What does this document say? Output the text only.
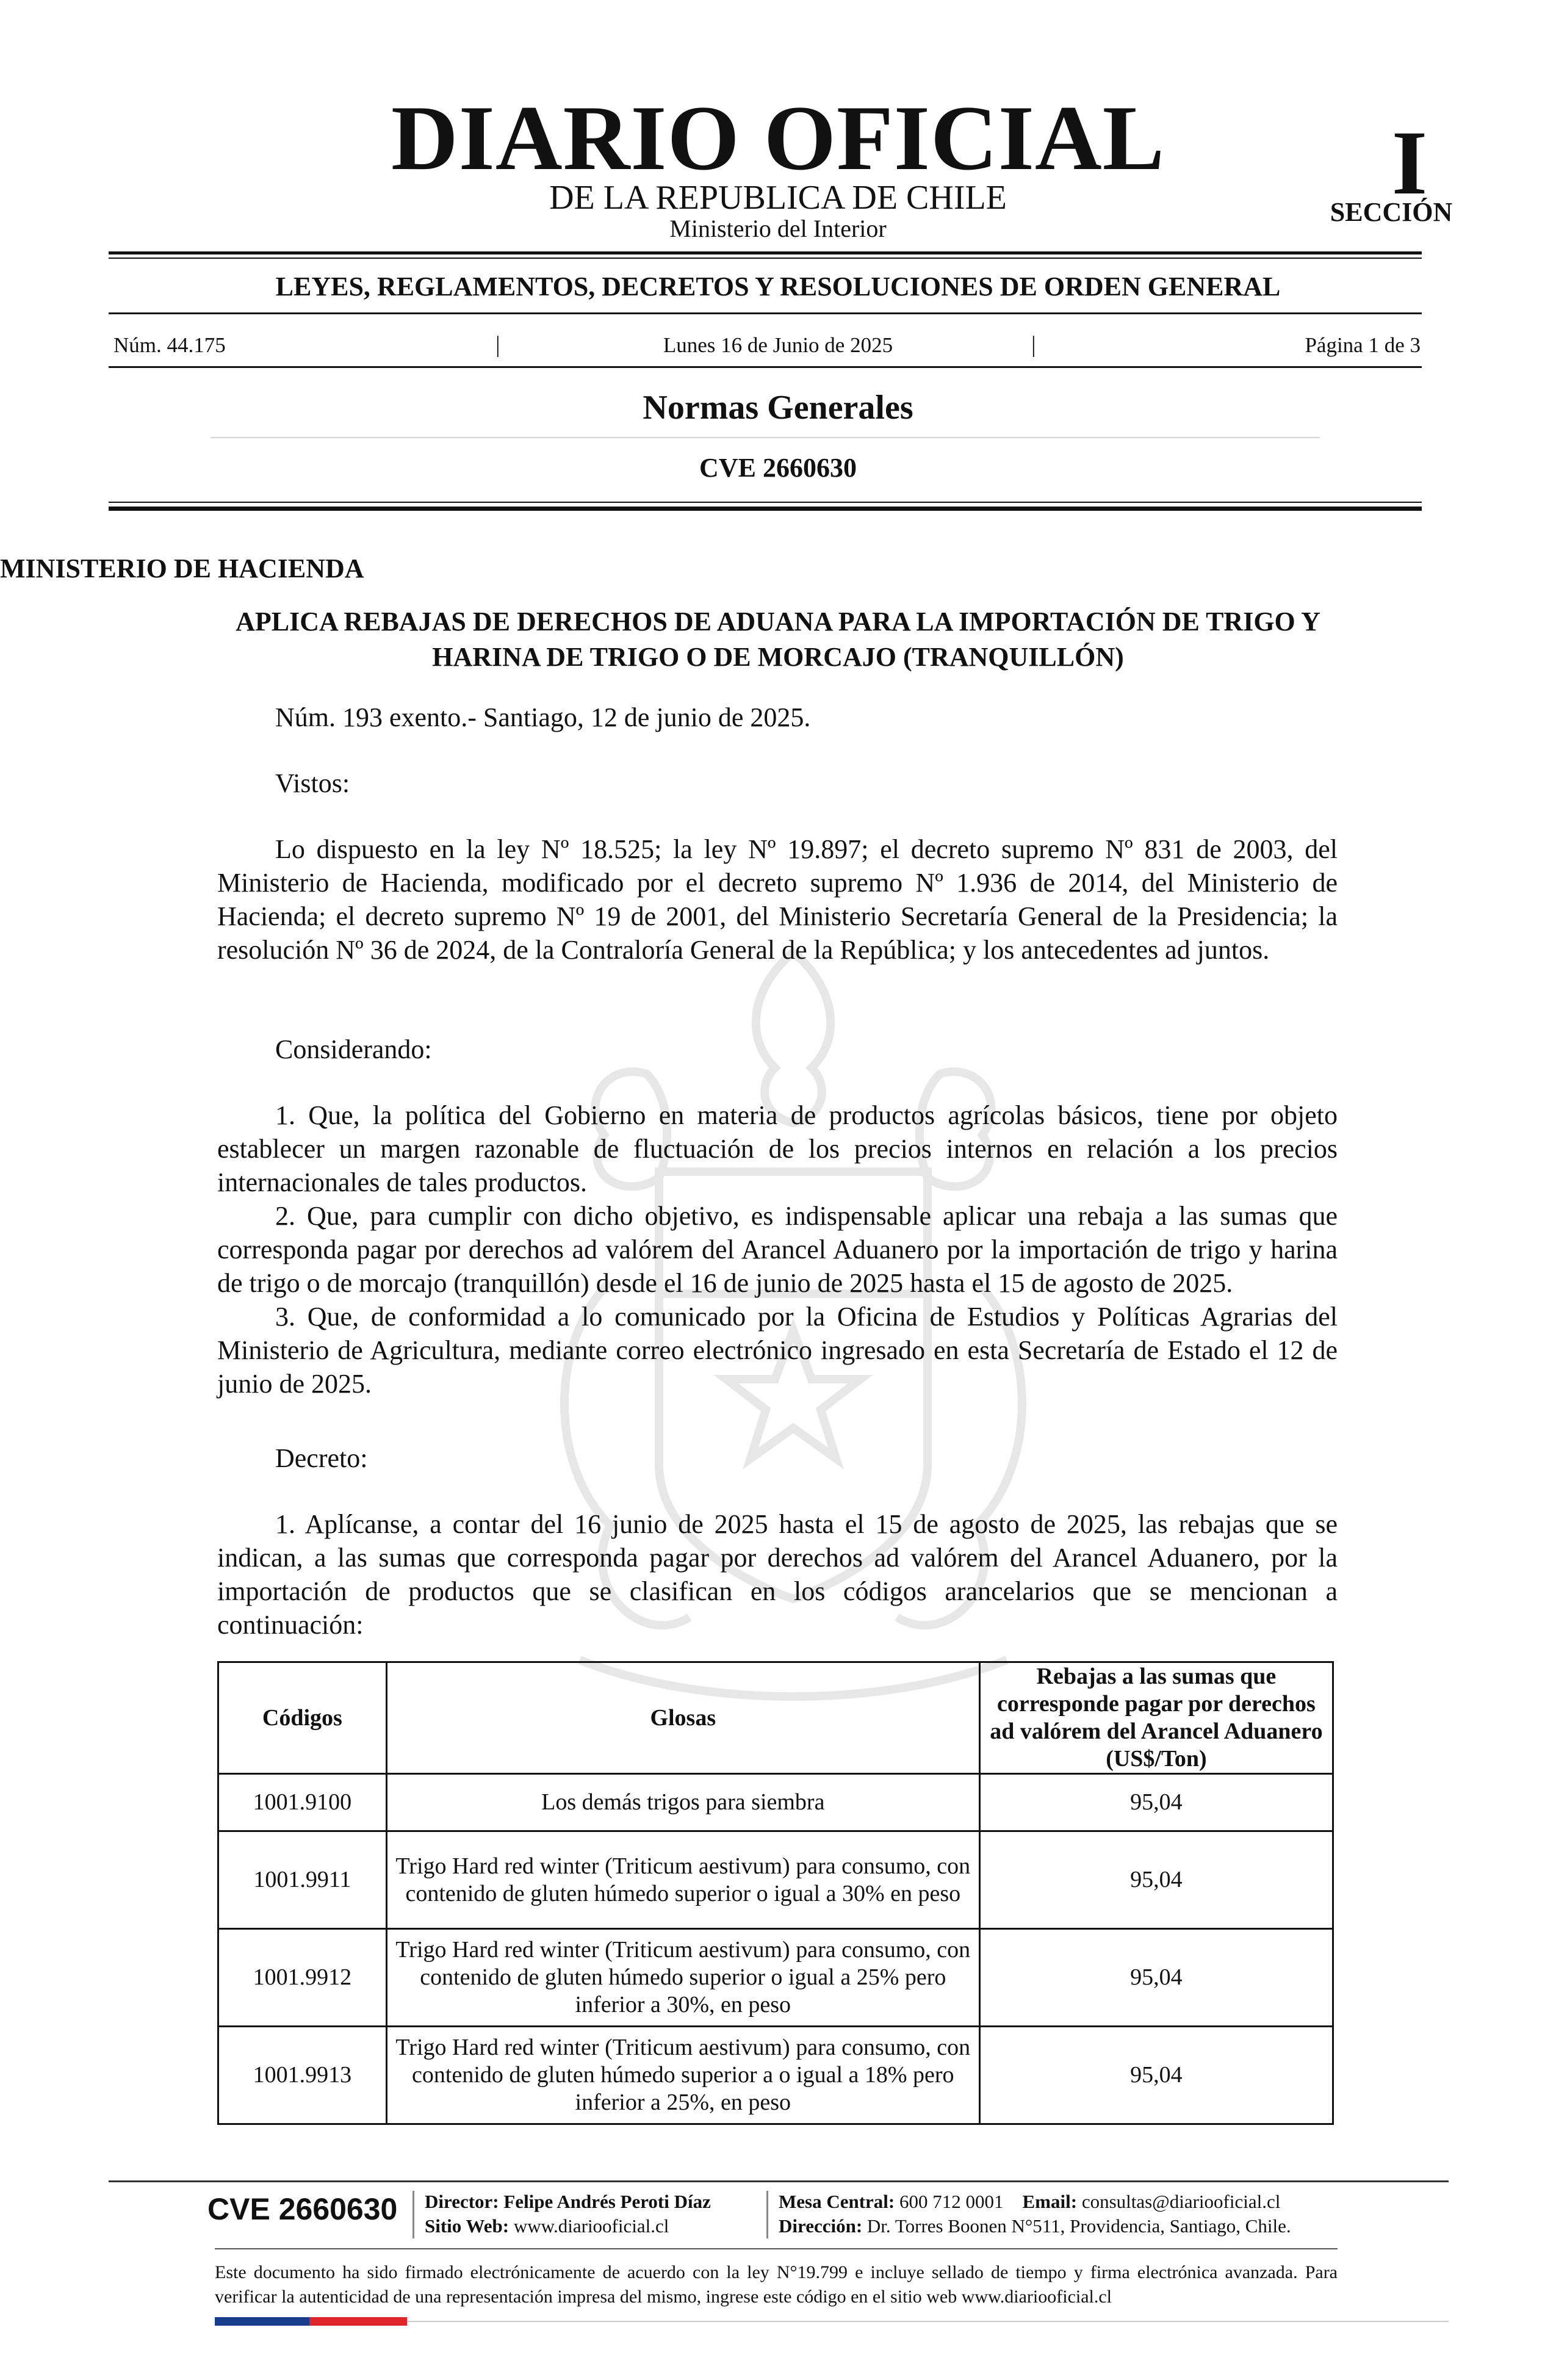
DIARIO OFICIAL
DE LA REPUBLICA DE CHILE
Ministerio del Interior
I
SECCIÓN
LEYES, REGLAMENTOS, DECRETOS Y RESOLUCIONES DE ORDEN GENERAL
Núm. 44.175	|	Lunes 16 de Junio de 2025	|	Página 1 de 3
Normas Generales
CVE 2660630
MINISTERIO DE HACIENDA
APLICA REBAJAS DE DERECHOS DE ADUANA PARA LA IMPORTACIÓN DE TRIGO Y HARINA DE TRIGO O DE MORCAJO (TRANQUILLÓN)

Núm. 193 exento.- Santiago, 12 de junio de 2025.

Vistos:

Lo dispuesto en la ley Nº 18.525; la ley Nº 19.897; el decreto supremo Nº 831 de 2003, del Ministerio de Hacienda, modificado por el decreto supremo Nº 1.936 de 2014, del Ministerio de Hacienda; el decreto supremo Nº 19 de 2001, del Ministerio Secretaría General de la Presidencia; la resolución Nº 36 de 2024, de la Contraloría General de la República; y los antecedentes ad juntos.

Considerando:

1. Que, la política del Gobierno en materia de productos agrícolas básicos, tiene por objeto establecer un margen razonable de fluctuación de los precios internos en relación a los precios internacionales de tales productos.

2. Que, para cumplir con dicho objetivo, es indispensable aplicar una rebaja a las sumas que corresponda pagar por derechos ad valórem del Arancel Aduanero por la importación de trigo y harina de trigo o de morcajo (tranquillón) desde el 16 de junio de 2025 hasta el 15 de agosto de 2025.

3. Que, de conformidad a lo comunicado por la Oficina de Estudios y Políticas Agrarias del Ministerio de Agricultura, mediante correo electrónico ingresado en esta Secretaría de Estado el 12 de junio de 2025.

Decreto:

1. Aplícanse, a contar del 16 junio de 2025 hasta el 15 de agosto de 2025, las rebajas que se indican, a las sumas que corresponda pagar por derechos ad valórem del Arancel Aduanero, por la importación de productos que se clasifican en los códigos arancelarios que se mencionan a continuación:

Códigos	Glosas	Rebajas a las sumas que corresponde pagar por derechos ad valórem del Arancel Aduanero (US$/Ton)
1001.9100	Los demás trigos para siembra	95,04
1001.9911	Trigo Hard red winter (Triticum aestivum) para consumo, con contenido de gluten húmedo superior o igual a 30% en peso	95,04
1001.9912	Trigo Hard red winter (Triticum aestivum) para consumo, con contenido de gluten húmedo superior o igual a 25% pero inferior a 30%, en peso	95,04
1001.9913	Trigo Hard red winter (Triticum aestivum) para consumo, con contenido de gluten húmedo superior a o igual a 18% pero inferior a 25%, en peso	95,04
CVE 2660630 Director: Felipe Andrés Peroti Díaz
Sitio Web: www.diariooficial.cl
Mesa Central: 600 712 0001 Email: consultas@diariooficial.cl
Dirección: Dr. Torres Boonen N°511, Providencia, Santiago, Chile.
Este documento ha sido firmado electrónicamente de acuerdo con la ley N°19.799 e incluye sellado de tiempo y firma electrónica avanzada. Para verificar la autenticidad de una representación impresa del mismo, ingrese este código en el sitio web www.diariooficial.cl
